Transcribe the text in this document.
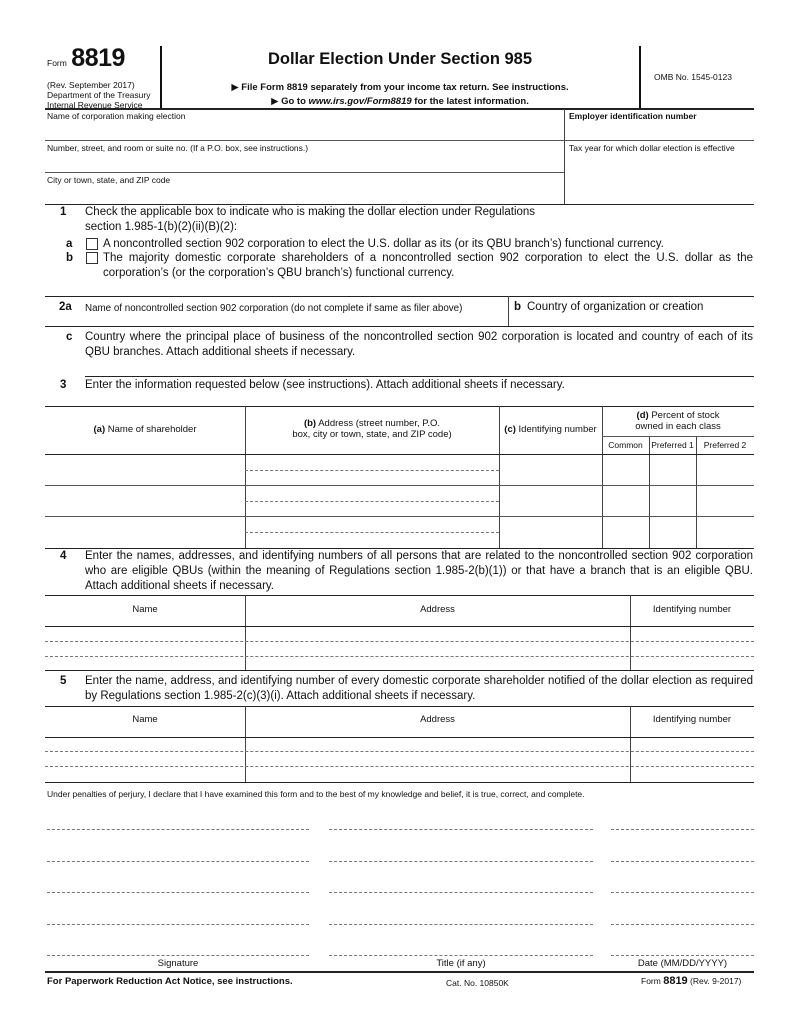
Form 8819
(Rev. September 2017)
Department of the Treasury
Internal Revenue Service
Dollar Election Under Section 985
▶ File Form 8819 separately from your income tax return. See instructions.
▶ Go to www.irs.gov/Form8819 for the latest information.
OMB No. 1545-0123
Name of corporation making election	Employer identification number
Number, street, and room or suite no. (If a P.O. box, see instructions.)	Tax year for which dollar election is effective
City or town, state, and ZIP code
1 Check the applicable box to indicate who is making the dollar election under Regulations section 1.985-1(b)(2)(ii)(B)(2):
a	A noncontrolled section 902 corporation to elect the U.S. dollar as its (or its QBU branch’s) functional currency.
b	The majority domestic corporate shareholders of a noncontrolled section 902 corporation to elect the U.S. dollar as the corporation’s (or the corporation’s QBU branch’s) functional currency.
2a Name of noncontrolled section 902 corporation (do not complete if same as filer above)	b Country of organization or creation
c Country where the principal place of business of the noncontrolled section 902 corporation is located and country of each of its QBU branches. Attach additional sheets if necessary.
3 Enter the information requested below (see instructions). Attach additional sheets if necessary.
(a) Name of shareholder
(b) Address (street number, P.O.
box, city or town, state, and ZIP code)	(c) Identifying number
(d) Percent of stock
owned in each class
Common	Preferred 1	Preferred 2
4 Enter the names, addresses, and identifying numbers of all persons that are related to the noncontrolled section 902 corporation who are eligible QBUs (within the meaning of Regulations section 1.985-2(b)(1)) or that have a branch that is an eligible QBU. Attach additional sheets if necessary.
Name	Address	Identifying number
5 Enter the name, address, and identifying number of every domestic corporate shareholder notified of the dollar election as required by Regulations section 1.985-2(c)(3)(i). Attach additional sheets if necessary.
Name	Address	Identifying number
Under penalties of perjury, I declare that I have examined this form and to the best of my knowledge and belief, it is true, correct, and complete.
Signature	Title (if any)	Date (MM/DD/YYYY)
For Paperwork Reduction Act Notice, see instructions.	Cat. No. 10850K	Form 8819 (Rev. 9-2017)
